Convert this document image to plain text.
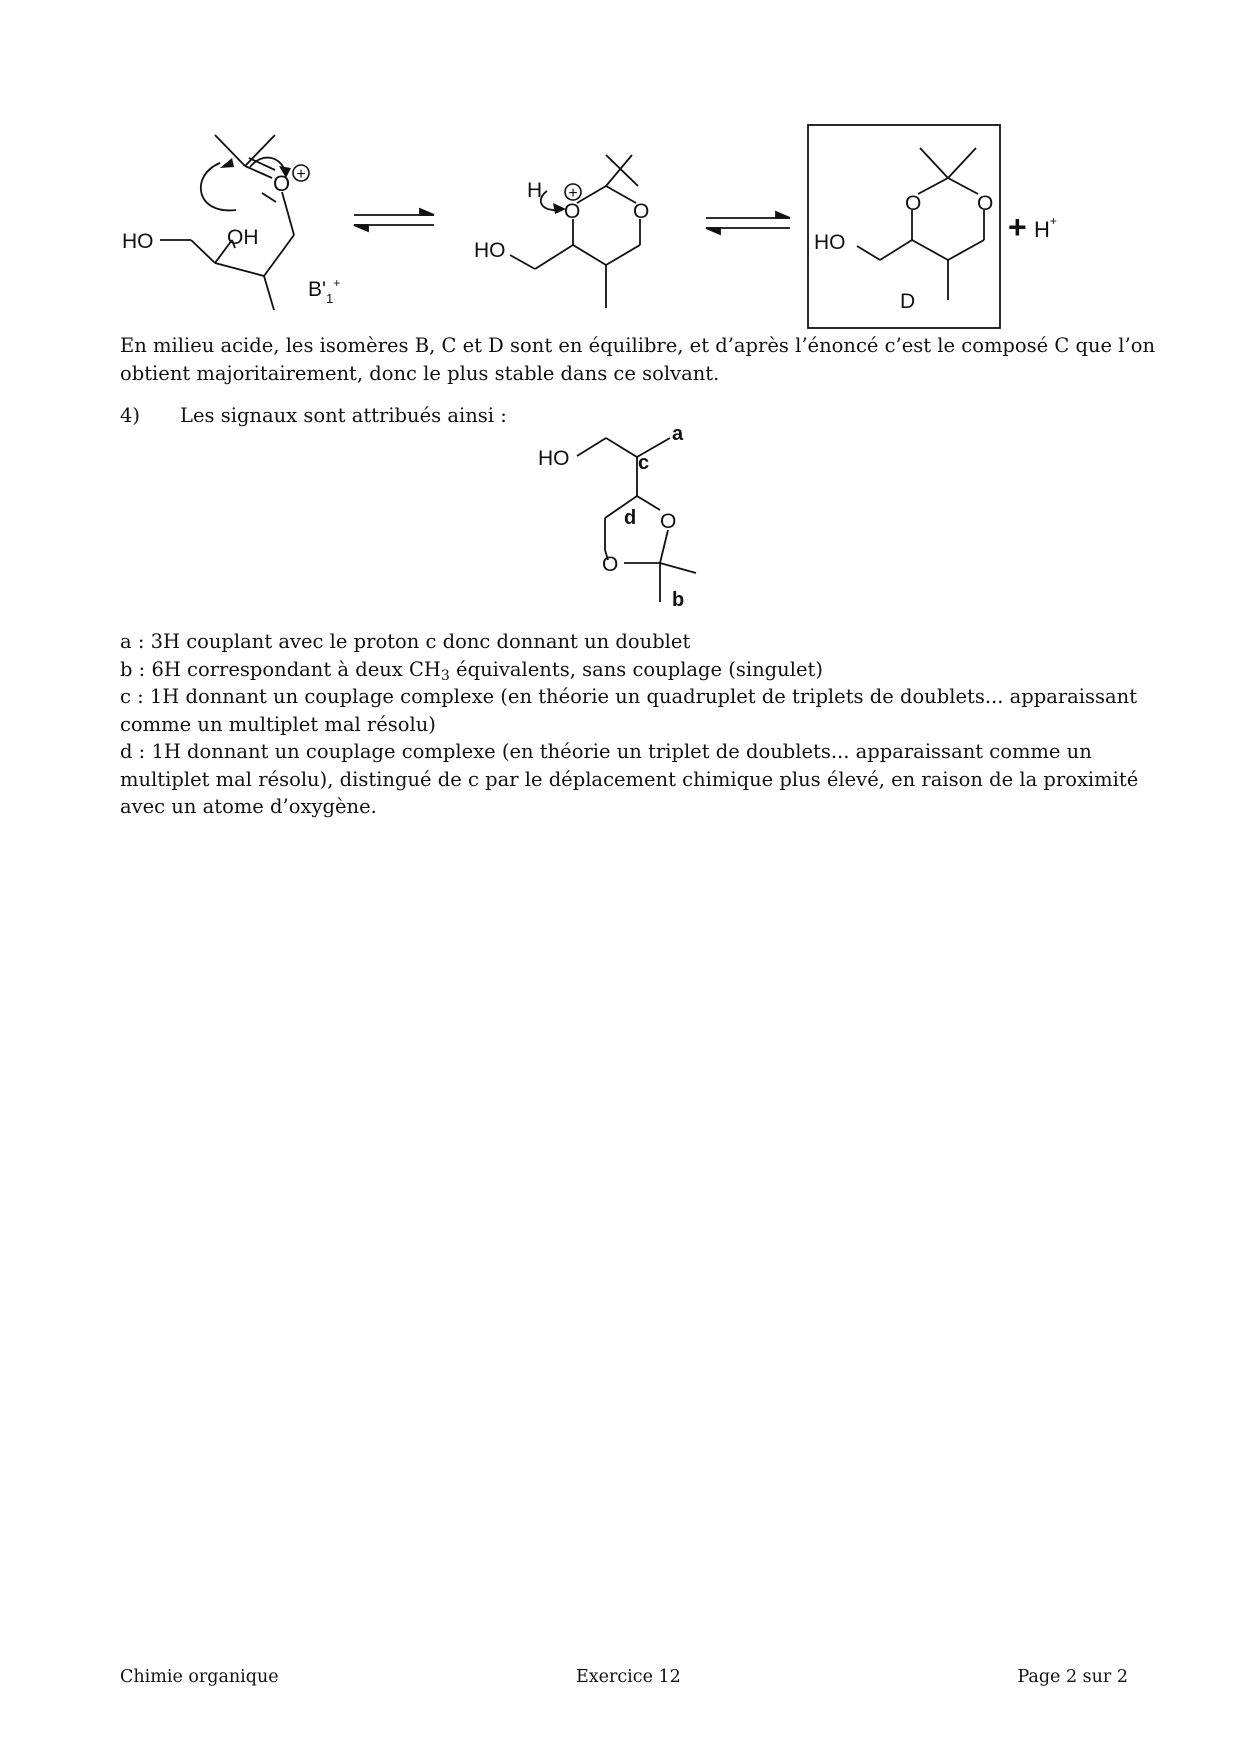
HO	OH
O +
$B'_1^+$
H
O	O
+
HO
O	O
HO
D
+ H+

En milieu acide, les isomères B, C et D sont en équilibre, et d’après l’énoncé c’est le composé C que l’on
obtient majoritairement, donc le plus stable dans ce solvant.

4) Les signaux sont attribués ainsi :
HO
a
c
d O
O
b
a : 3H couplant avec le proton c donc donnant un doublet
b : 6H correspondant à deux $CH_3$ équivalents, sans couplage (singulet)
c : 1H donnant un couplage complexe (en théorie un quadruplet de triplets de doublets... apparaissant
comme un multiplet mal résolu)
d : 1H donnant un couplage complexe (en théorie un triplet de doublets... apparaissant comme un
multiplet mal résolu), distingué de c par le déplacement chimique plus élevé, en raison de la proximité
avec un atome d’oxygène.
Chimie organique	Exercice 12	Page 2 sur 2
